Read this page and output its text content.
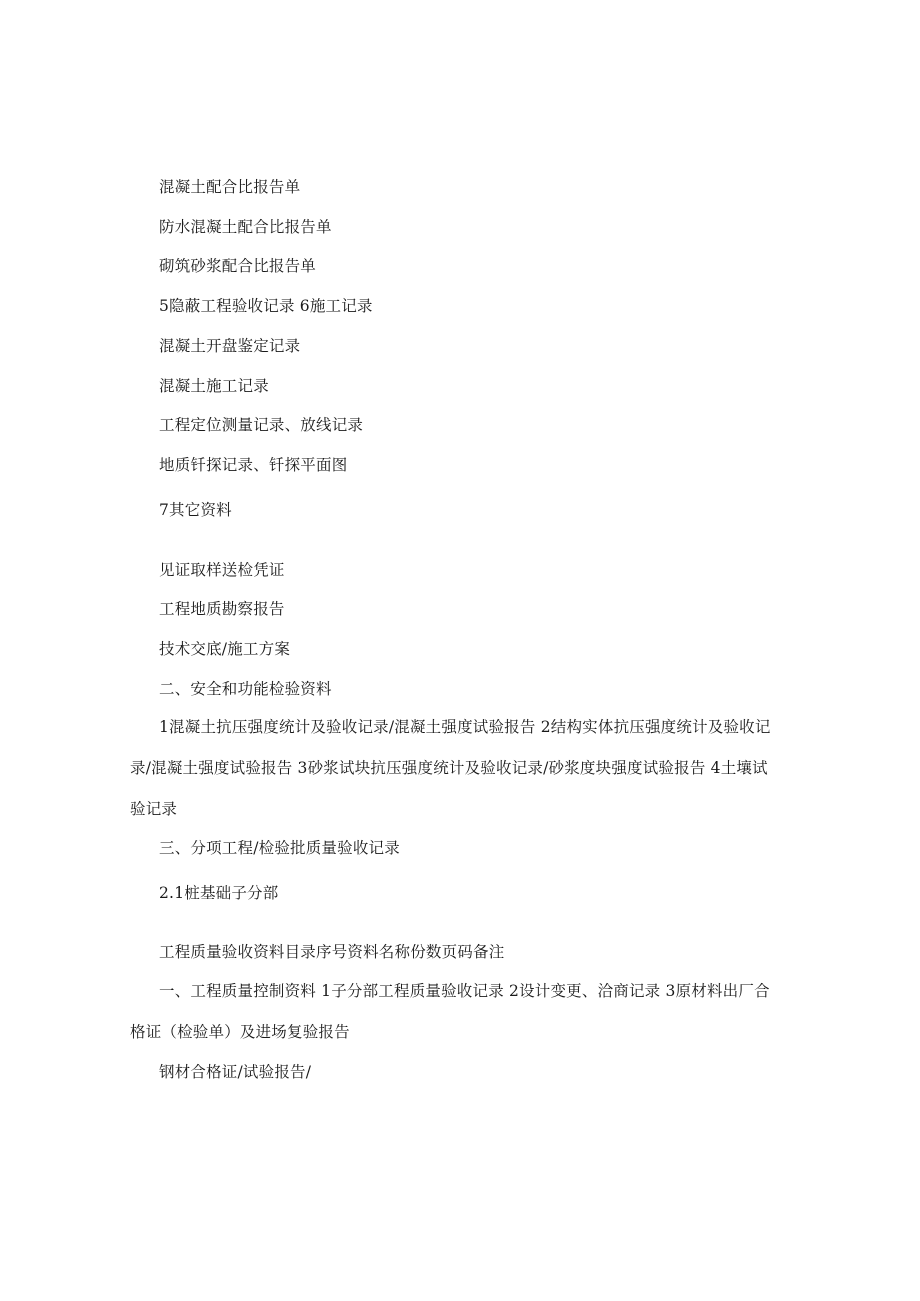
混凝土配合比报告单
防水混凝土配合比报告单
砌筑砂浆配合比报告单
5隐蔽工程验收记录 6施工记录
混凝土开盘鉴定记录
混凝土施工记录
工程定位测量记录、放线记录
地质钎探记录、钎探平面图
7其它资料
见证取样送检凭证
工程地质勘察报告
技术交底/施工方案
二、安全和功能检验资料
1混凝土抗压强度统计及验收记录/混凝土强度试验报告 2结构实体抗压强度统计及验收记录/混凝土强度试验报告 3砂浆试块抗压强度统计及验收记录/砂浆度块强度试验报告 4土壤试验记录
三、分项工程/检验批质量验收记录
2.1桩基础子分部
工程质量验收资料目录序号资料名称份数页码备注
一、工程质量控制资料 1子分部工程质量验收记录 2设计变更、洽商记录 3原材料出厂合格证（检验单）及进场复验报告
钢材合格证/试验报告/
